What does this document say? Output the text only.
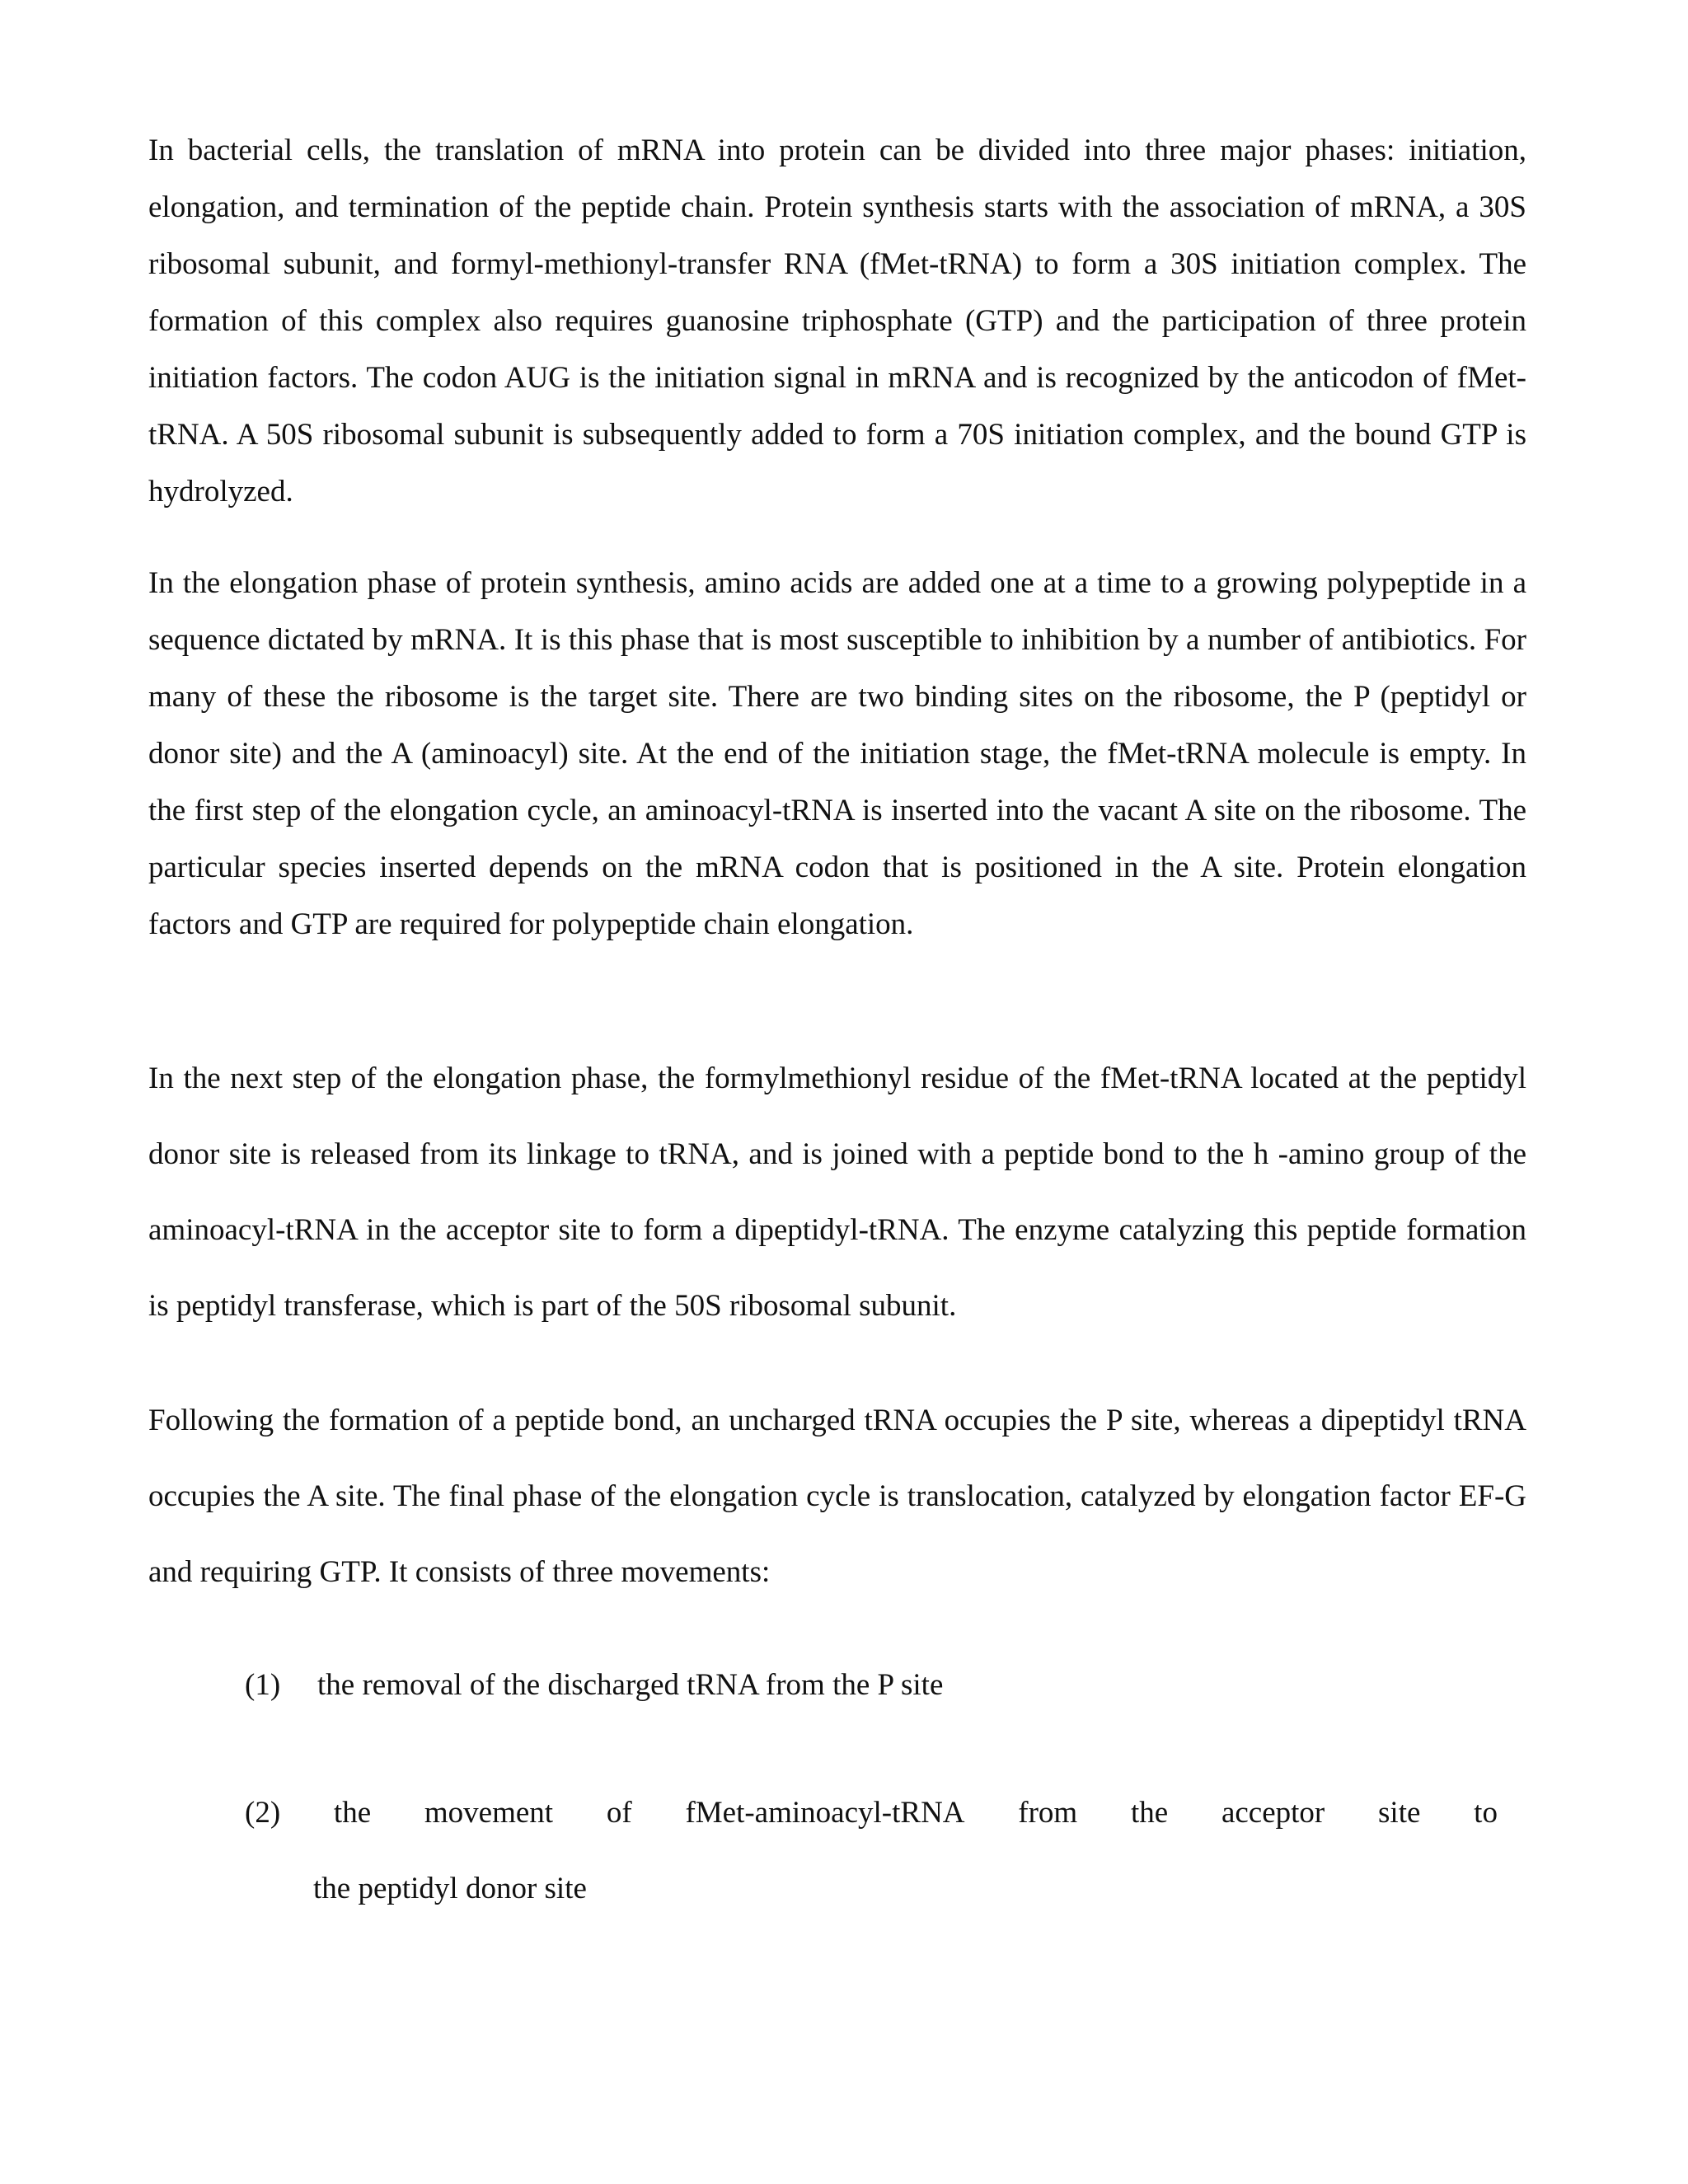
In bacterial cells, the translation of mRNA into protein can be divided into three major phases: initiation, elongation, and termination of the peptide chain. Protein synthesis starts with the association of mRNA, a 30S ribosomal subunit, and formyl-methionyl-transfer RNA (fMet-tRNA) to form a 30S initiation complex. The formation of this complex also requires guanosine triphosphate (GTP) and the participation of three protein initiation factors. The codon AUG is the initiation signal in mRNA and is recognized by the anticodon of fMet-tRNA. A 50S ribosomal subunit is subsequently added to form a 70S initiation complex, and the bound GTP is hydrolyzed.

In the elongation phase of protein synthesis, amino acids are added one at a time to a growing polypeptide in a sequence dictated by mRNA. It is this phase that is most susceptible to inhibition by a number of antibiotics. For many of these the ribosome is the target site. There are two binding sites on the ribosome, the P (peptidyl or donor site) and the A (aminoacyl) site. At the end of the initiation stage, the fMet-tRNA molecule is empty. In the first step of the elongation cycle, an aminoacyl-tRNA is inserted into the vacant A site on the ribosome. The particular species inserted depends on the mRNA codon that is positioned in the A site. Protein elongation factors and GTP are required for polypeptide chain elongation.

In the next step of the elongation phase, the formylmethionyl residue of the fMet-tRNA located at the peptidyl donor site is released from its linkage to tRNA, and is joined with a peptide bond to the h -amino group of the aminoacyl-tRNA in the acceptor site to form a dipeptidyl-tRNA. The enzyme catalyzing this peptide formation is peptidyl transferase, which is part of the 50S ribosomal subunit.

Following the formation of a peptide bond, an uncharged tRNA occupies the P site, whereas a dipeptidyl tRNA occupies the A site. The final phase of the elongation cycle is translocation, catalyzed by elongation factor EF-G and requiring GTP. It consists of three movements:

(1) the removal of the discharged tRNA from the P site
(2) the movement of fMet-aminoacyl-tRNA from the acceptor site to
the peptidyl donor site
